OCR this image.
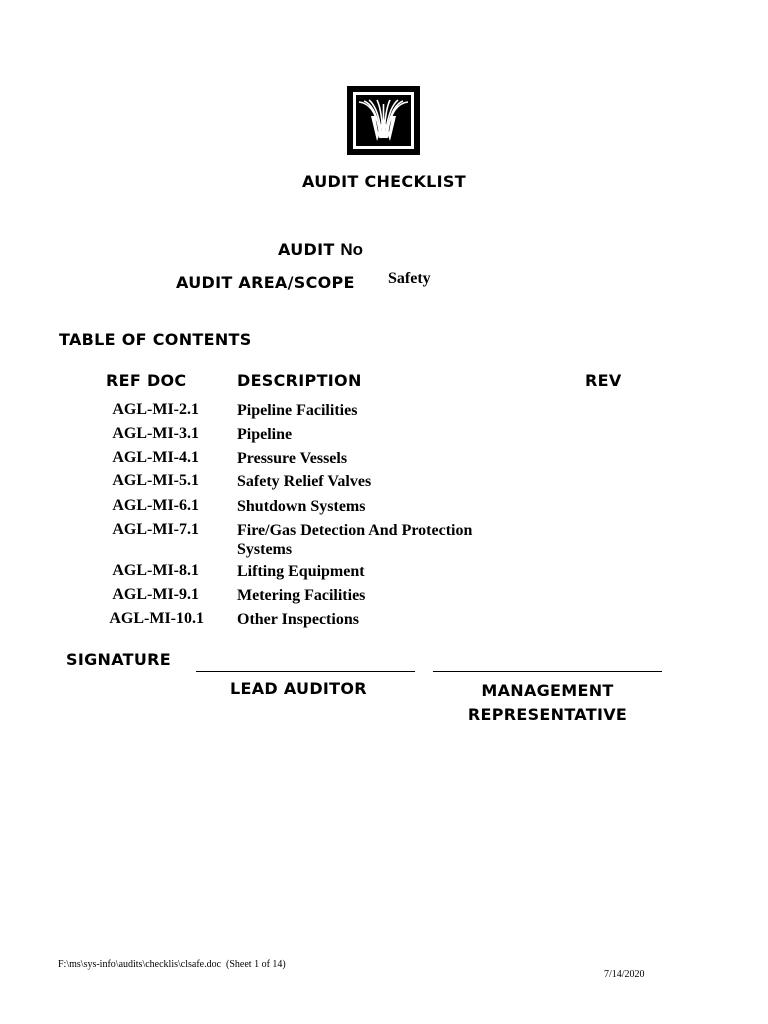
AUDIT CHECKLIST
AUDIT No
AUDIT AREA/SCOPE Safety
TABLE OF CONTENTS
REF DOC	DESCRIPTION	REV
AGL-MI-2.1 Pipeline Facilities
AGL-MI-3.1 Pipeline
AGL-MI-4.1 Pressure Vessels
AGL-MI-5.1 Safety Relief Valves
AGL-MI-6.1 Shutdown Systems
AGL-MI-7.1 Fire/Gas Detection And Protection Systems
AGL-MI-8.1 Lifting Equipment
AGL-MI-9.1 Metering Facilities
AGL-MI-10.1 Other Inspections
SIGNATURE
LEAD AUDITOR	MANAGEMENT REPRESENTATIVE
F:\ms\sys-info\audits\checklis\clsafe.doc  (Sheet 1 of 14)
7/14/2020
